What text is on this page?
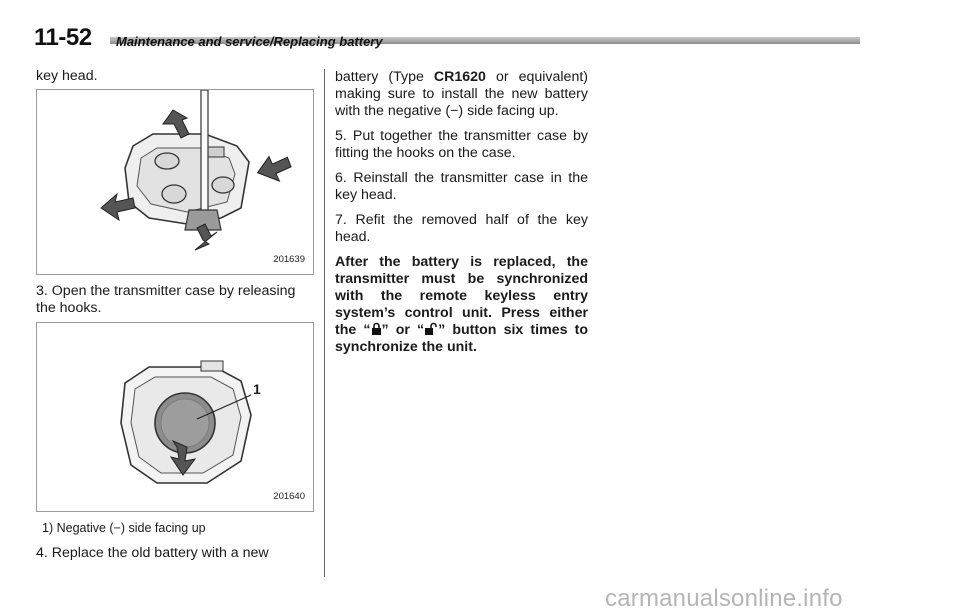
11-52 Maintenance and service/Replacing battery

key head.

201639

3. Open the transmitter case by releasing the hooks.

1
201640

1) Negative (−) side facing up

4. Replace the old battery with a new

battery (Type CR1620 or equivalent) making sure to install the new battery with the negative (−) side facing up.

5. Put together the transmitter case by fitting the hooks on the case.

6. Reinstall the transmitter case in the key head.

7. Refit the removed half of the key head.

After the battery is replaced, the transmitter must be synchronized with the remote keyless entry system’s control unit. Press either the “ ” or “ ” button six times to synchronize the unit.

carmanualsonline.info
